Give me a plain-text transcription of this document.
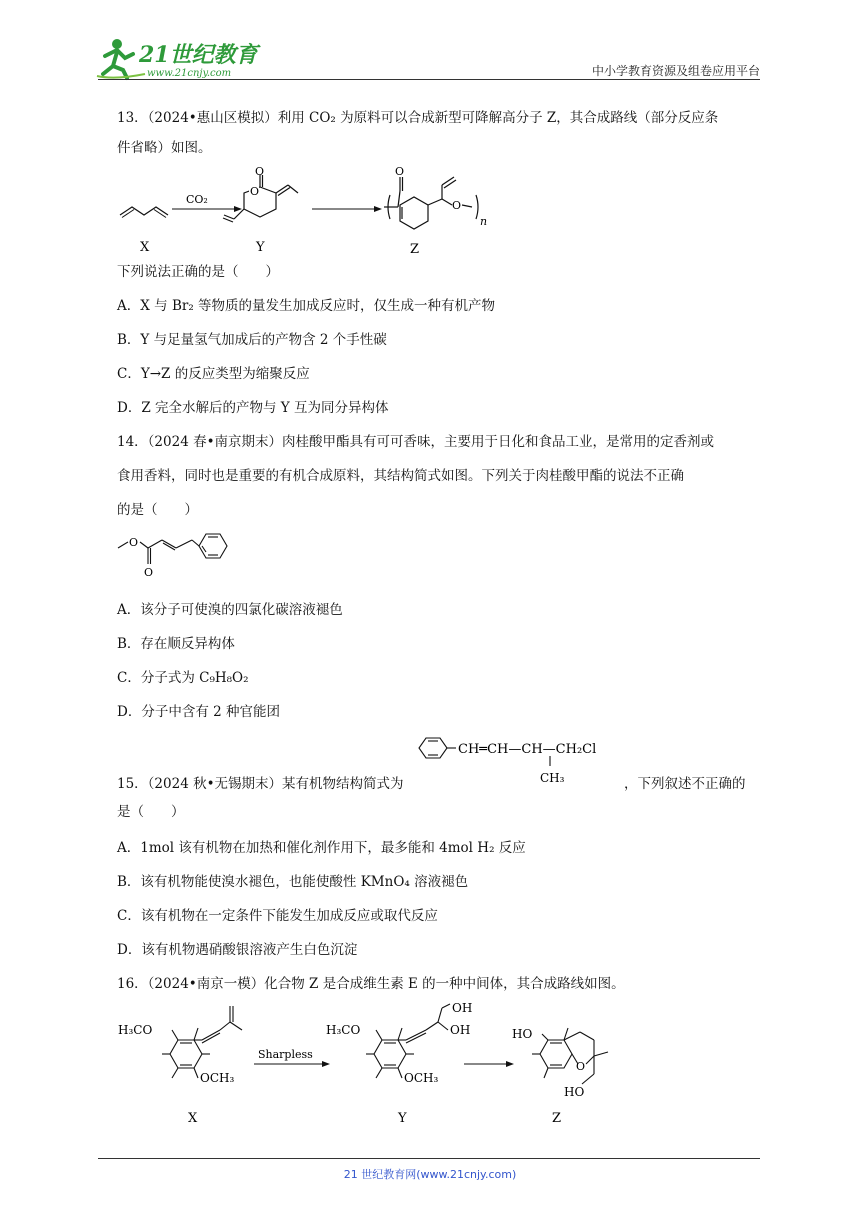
21世纪教育
www.21cnjy.com	中小学教育资源及组卷应用平台
13．（2024•惠山区模拟）利用 CO₂ 为原料可以合成新型可降解高分子 Z，其合成路线（部分反应条
件省略）如图。
X
CO₂
O
O
Y
O
O
n
Z
下列说法正确的是（　　）
A．X 与 Br₂ 等物质的量发生加成反应时，仅生成一种有机产物
B．Y 与足量氢气加成后的产物含 2 个手性碳
C．Y→Z 的反应类型为缩聚反应
D．Z 完全水解后的产物与 Y 互为同分异构体
14．（2024 春•南京期末）肉桂酸甲酯具有可可香味，主要用于日化和食品工业，是常用的定香剂或
食用香料，同时也是重要的有机合成原料，其结构简式如图。下列关于肉桂酸甲酯的说法不正确
的是（　　）
O
O
A．该分子可使溴的四氯化碳溶液褪色
B．存在顺反异构体
C．分子式为 C₉H₈O₂
D．分子中含有 2 种官能团
CH═CH—CH—CH₂Cl
CH₃
15．（2024 秋•无锡期末）某有机物结构简式为	，下列叙述不正确的
是（　　）
A．1mol 该有机物在加热和催化剂作用下，最多能和 4mol H₂ 反应
B．该有机物能使溴水褪色，也能使酸性 KMnO₄ 溶液褪色
C．该有机物在一定条件下能发生加成反应或取代反应
D．该有机物遇硝酸银溶液产生白色沉淀
16．（2024•南京一模）化合物 Z 是合成维生素 E 的一种中间体，其合成路线如图。
H₃CO
OCH₃
X
Sharpless
H₃CO
OCH₃
OH
OH
Y
HO
O
HO
Z
21 世纪教育网(www.21cnjy.com)
